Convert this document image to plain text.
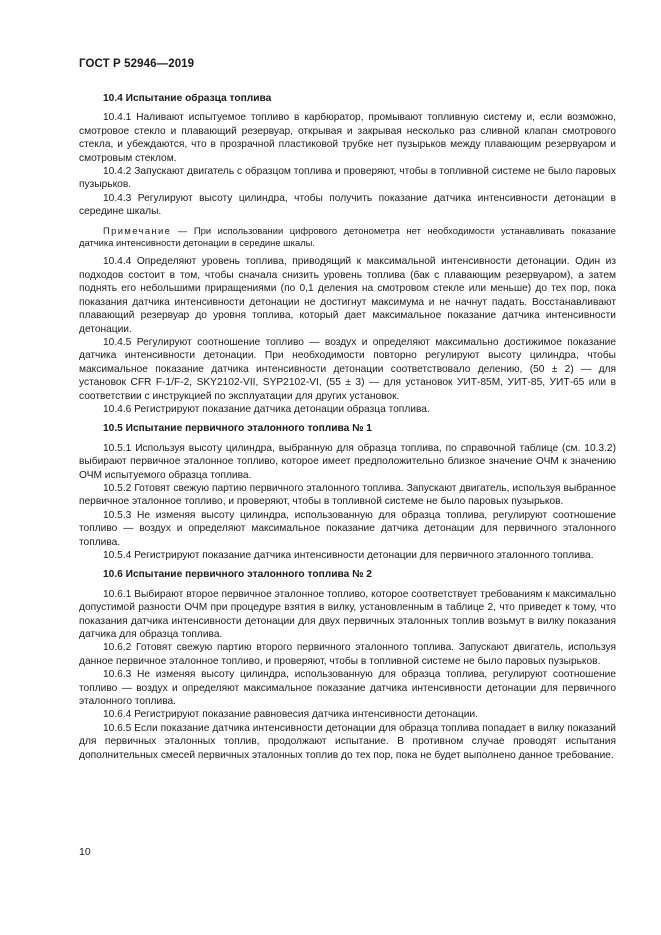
ГОСТ Р 52946—2019
10.4 Испытание образца топлива

10.4.1 Наливают испытуемое топливо в карбюратор, промывают топливную систему и, если возможно, смотровое стекло и плавающий резервуар, открывая и закрывая несколько раз сливной клапан смотрового стекла, и убеждаются, что в прозрачной пластиковой трубке нет пузырьков между плавающим резервуаром и смотровым стеклом.

10.4.2 Запускают двигатель с образцом топлива и проверяют, чтобы в топливной системе не было паровых пузырьков.

10.4.3 Регулируют высоту цилиндра, чтобы получить показание датчика интенсивности детонации в середине шкалы.

Примечание — При использовании цифрового детонометра нет необходимости устанавливать показание датчика интенсивности детонации в середине шкалы.

10.4.4 Определяют уровень топлива, приводящий к максимальной интенсивности детонации. Один из подходов состоит в том, чтобы сначала снизить уровень топлива (бак с плавающим резервуаром), а затем поднять его небольшими приращениями (по 0,1 деления на смотровом стекле или меньше) до тех пор, пока показания датчика интенсивности детонации не достигнут максимума и не начнут падать. Восстанавливают плавающий резервуар до уровня топлива, который дает максимальное показание датчика интенсивности детонации.

10.4.5 Регулируют соотношение топливо — воздух и определяют максимально достижимое показание датчика интенсивности детонации. При необходимости повторно регулируют высоту цилиндра, чтобы максимальное показание датчика интенсивности детонации соответствовало делению, (50 ± 2) — для установок CFR F-1/F-2, SKY2102-VII, SYP2102-VI, (55 ± 3) — для установок УИТ-85М, УИТ-85, УИТ-65 или в соответствии с инструкцией по эксплуатации для других установок.

10.4.6 Регистрируют показание датчика детонации образца топлива.

10.5 Испытание первичного эталонного топлива № 1

10.5.1 Используя высоту цилиндра, выбранную для образца топлива, по справочной таблице (см. 10.3.2) выбирают первичное эталонное топливо, которое имеет предположительно близкое значение ОЧМ к значению ОЧМ испытуемого образца топлива.

10.5.2 Готовят свежую партию первичного эталонного топлива. Запускают двигатель, используя выбранное первичное эталонное топливо, и проверяют, чтобы в топливной системе не было паровых пузырьков.

10.5.3 Не изменяя высоту цилиндра, использованную для образца топлива, регулируют соотношение топливо — воздух и определяют максимальное показание датчика детонации для первичного эталонного топлива.

10.5.4 Регистрируют показание датчика интенсивности детонации для первичного эталонного топлива.

10.6 Испытание первичного эталонного топлива № 2

10.6.1 Выбирают второе первичное эталонное топливо, которое соответствует требованиям к максимально допустимой разности ОЧМ при процедуре взятия в вилку, установленным в таблице 2, что приведет к тому, что показания датчика интенсивности детонации для двух первичных эталонных топлив возьмут в вилку показания датчика для образца топлива.

10.6.2 Готовят свежую партию второго первичного эталонного топлива. Запускают двигатель, используя данное первичное эталонное топливо, и проверяют, чтобы в топливной системе не было паровых пузырьков.

10.6.3 Не изменяя высоту цилиндра, использованную для образца топлива, регулируют соотношение топливо — воздух и определяют максимальное показание датчика интенсивности детонации для первичного эталонного топлива.

10.6.4 Регистрируют показание равновесия датчика интенсивности детонации.

10.6.5 Если показание датчика интенсивности детонации для образца топлива попадает в вилку показаний для первичных эталонных топлив, продолжают испытание. В противном случае проводят испытания дополнительных смесей первичных эталонных топлив до тех пор, пока не будет выполнено данное требование.

10
